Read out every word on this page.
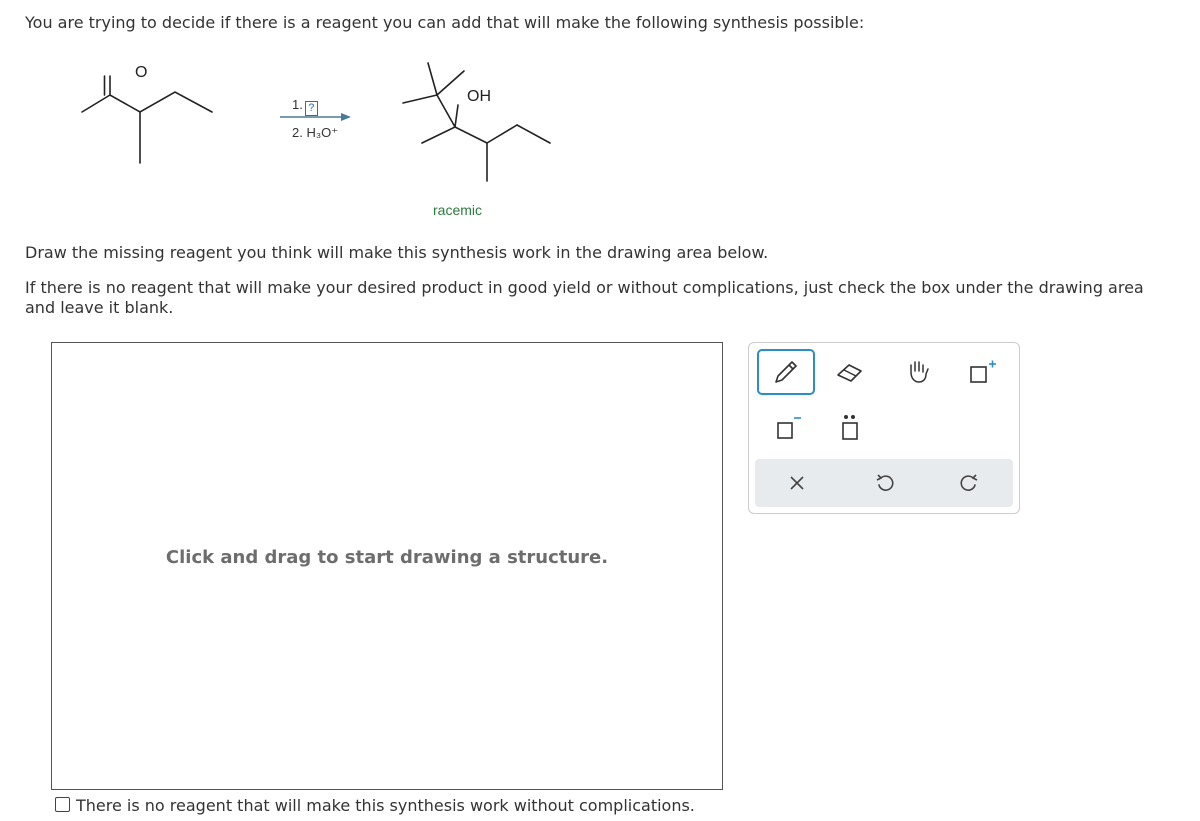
You are trying to decide if there is a reagent you can add that will make the following synthesis possible:
O
1. ?
2. H₃O⁺
OH
racemic
Draw the missing reagent you think will make this synthesis work in the drawing area below.
If there is no reagent that will make your desired product in good yield or without complications, just check the box under the drawing area and leave it blank.
Click and drag to start drawing a structure.
There is no reagent that will make this synthesis work without complications.
